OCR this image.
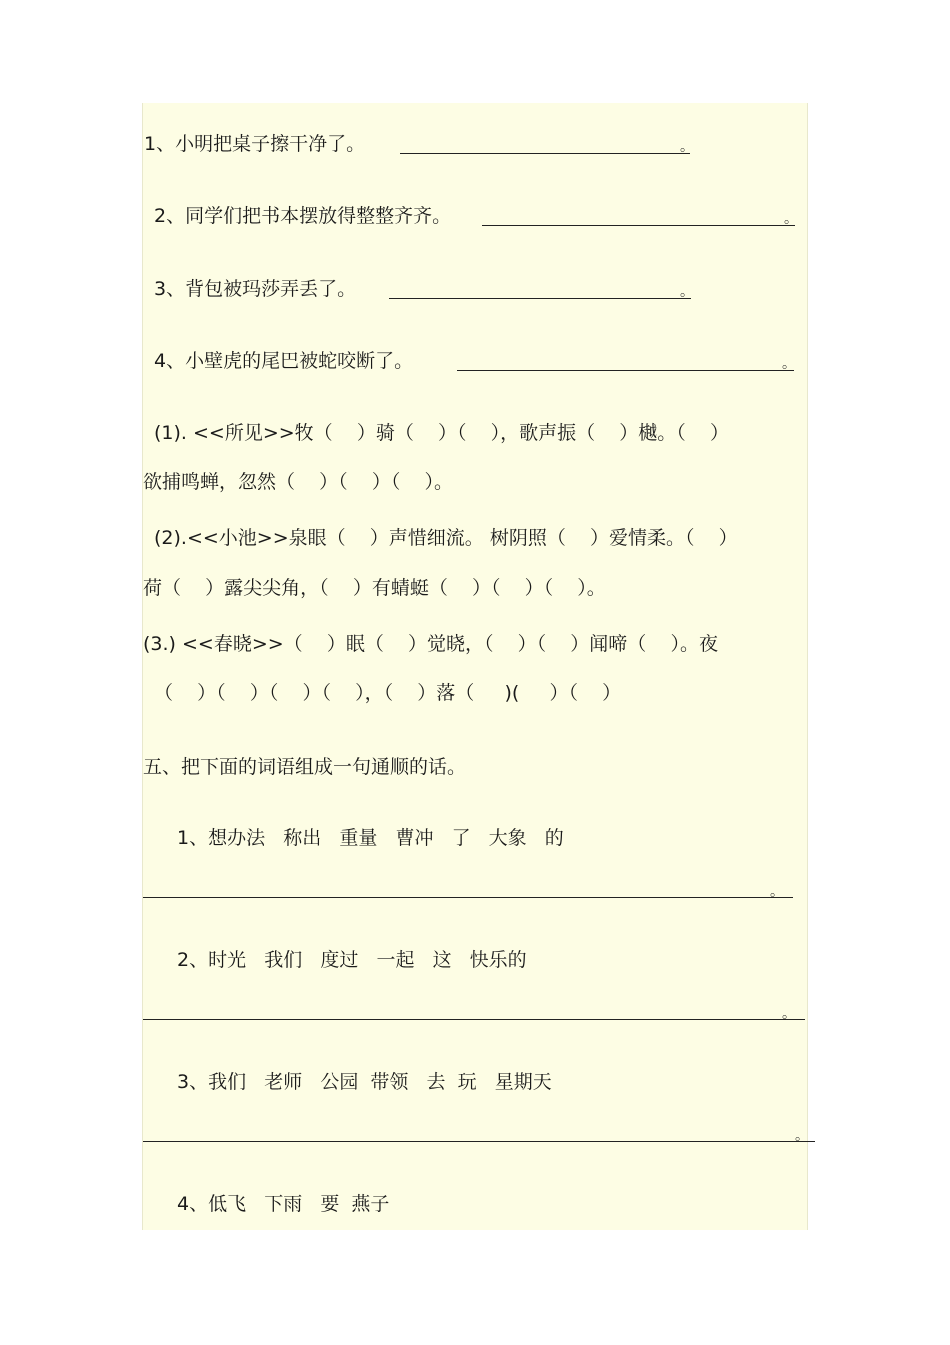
1、小明把桌子擦干净了。	。
2、同学们把书本摆放得整整齐齐。	。
3、背包被玛莎弄丢了。	。
4、小壁虎的尾巴被蛇咬断了。	。
(1). <<所见>>牧（    ）骑（    ）（    ），歌声振（    ）樾。（    ）
欲捕鸣蝉，忽然（    ）（    ）（    ）。
(2).<<小池>>泉眼（    ）声惜细流。 树阴照（    ）爱情柔。（    ）
荷（    ）露尖尖角，（    ）有蜻蜓（    ）（    ）（    ）。
(3.) <<春晓>>（    ）眠（    ）觉晓，（    ）（    ）闻啼（    ）。夜
（    ）（    ）（    ）（    ），（    ）落（     )(     ）（    ）
五、把下面的词语组成一句通顺的话。
1、想办法   称出   重量   曹冲   了   大象   的
。
2、时光   我们   度过   一起   这   快乐的
。
3、我们   老师   公园  带领   去  玩   星期天
。
4、低飞   下雨   要  燕子
